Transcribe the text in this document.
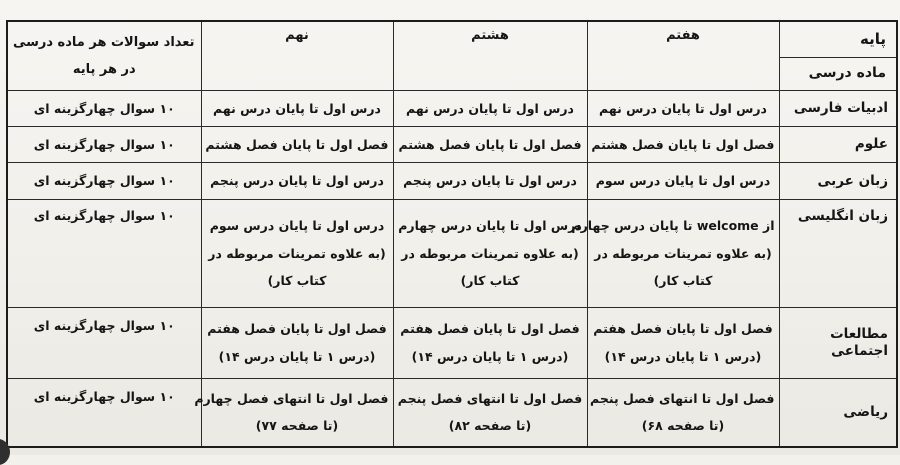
پایه	هفتم	هشتم	نهم	تعداد سوالات هر ماده درسی
در هر پایه

ماده درسی				
ادبیات فارسی	درس اول تا پایان درس نهم	درس اول تا پایان درس نهم	درس اول تا پایان درس نهم	۱۰ سوال چهارگزینه ای
علوم	فصل اول تا پایان فصل هشتم	فصل اول تا پایان فصل هشتم	فصل اول تا پایان فصل هشتم	۱۰ سوال چهارگزینه ای
زبان عربی	درس اول تا پایان درس سوم	درس اول تا پایان درس پنجم	درس اول تا پایان درس پنجم	۱۰ سوال چهارگزینه ای
زبان انگلیسی	از welcome تا پایان درس چهارم
(به علاوه تمرینات مربوطه در
کتاب کار)	درس اول تا پایان درس چهارم
(به علاوه تمرینات مربوطه در
کتاب کار)	درس اول تا پایان درس سوم
(به علاوه تمرینات مربوطه در
کتاب کار)	۱۰ سوال چهارگزینه ای
مطالعات اجتماعی	فصل اول تا پایان فصل هفتم
(درس ۱ تا پایان درس ۱۴)	فصل اول تا پایان فصل هفتم
(درس ۱ تا پایان درس ۱۴)	فصل اول تا پایان فصل هفتم
(درس ۱ تا پایان درس ۱۴)	۱۰ سوال چهارگزینه ای
ریاضی	فصل اول تا انتهای فصل پنجم
(تا صفحه ۶۸)	فصل اول تا انتهای فصل پنجم
(تا صفحه ۸۲)	فصل اول تا انتهای فصل چهارم
(تا صفحه ۷۷)	۱۰ سوال چهارگزینه ای
